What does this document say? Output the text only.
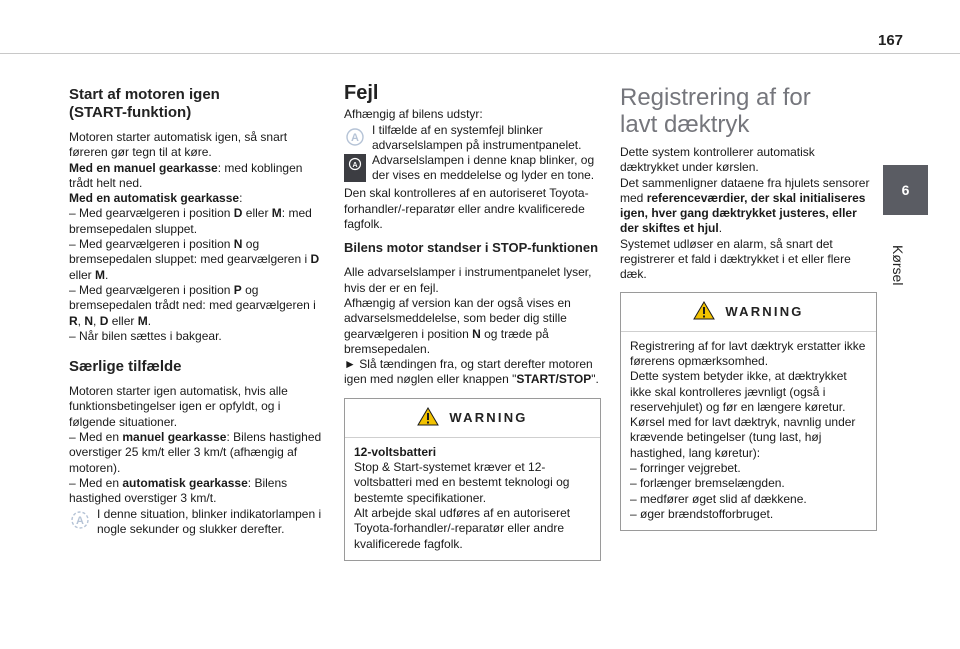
167
6
Kørsel
Start af motoren igen (START-funktion)

Motoren starter automatisk igen, så snart føreren gør tegn til at køre.

Med en manuel gearkasse: med koblingen trådt helt ned.

Med en automatisk gearkasse:

– Med gearvælgeren i position D eller M: med bremsepedalen sluppet.

– Med gearvælgeren i position N og bremsepedalen sluppet: med gearvælgeren i D eller M.

– Med gearvælgeren i position P og bremsepedalen trådt ned: med gearvælgeren i R, N, D eller M.

– Når bilen sættes i bakgear.

Særlige tilfælde

Motoren starter igen automatisk, hvis alle funktionsbetingelser igen er opfyldt, og i følgende situationer.

– Med en manuel gearkasse: Bilens hastighed overstiger 25 km/t eller 3 km/t (afhængig af motoren).

– Med en automatisk gearkasse: Bilens hastighed overstiger 3 km/t.

A I denne situation, blinker indikatorlampen i nogle sekunder og slukker derefter.

Fejl

Afhængig af bilens udstyr:

A

I tilfælde af en systemfejl blinker advarselslampen på instrumentpanelet.

A Advarselslampen i denne knap blinker, og der vises en meddelelse og lyder en tone.

Den skal kontrolleres af en autoriseret Toyota-forhandler/-reparatør eller andre kvalificerede fagfolk.

Bilens motor standser i STOP-funktionen

Alle advarselslamper i instrumentpanelet lyser, hvis der er en fejl.

Afhængig af version kan der også vises en advarselsmeddelelse, som beder dig stille gearvælgeren i position N og træde på bremsepedalen.

► Slå tændingen fra, og start derefter motoren igen med nøglen eller knappen "START/STOP".

WARNING

12-voltsbatteri

Stop & Start-systemet kræver et 12-voltsbatteri med en bestemt teknologi og bestemte specifikationer.

Alt arbejde skal udføres af en autoriseret Toyota-forhandler/-reparatør eller andre kvalificerede fagfolk.

Registrering af for lavt dæktryk

Dette system kontrollerer automatisk dæktrykket under kørslen.

Det sammenligner dataene fra hjulets sensorer med referenceværdier, der skal initialiseres igen, hver gang dæktrykket justeres, eller der skiftes et hjul.

Systemet udløser en alarm, så snart det registrerer et fald i dæktrykket i et eller flere dæk.

WARNING

Registrering af for lavt dæktryk erstatter ikke førerens opmærksomhed.

Dette system betyder ikke, at dæktrykket ikke skal kontrolleres jævnligt (også i reservehjulet) og før en længere køretur.

Kørsel med for lavt dæktryk, navnlig under krævende betingelser (tung last, høj hastighed, lang køretur):

– forringer vejgrebet.

– forlænger bremselængden.

– medfører øget slid af dækkene.

– øger brændstofforbruget.
